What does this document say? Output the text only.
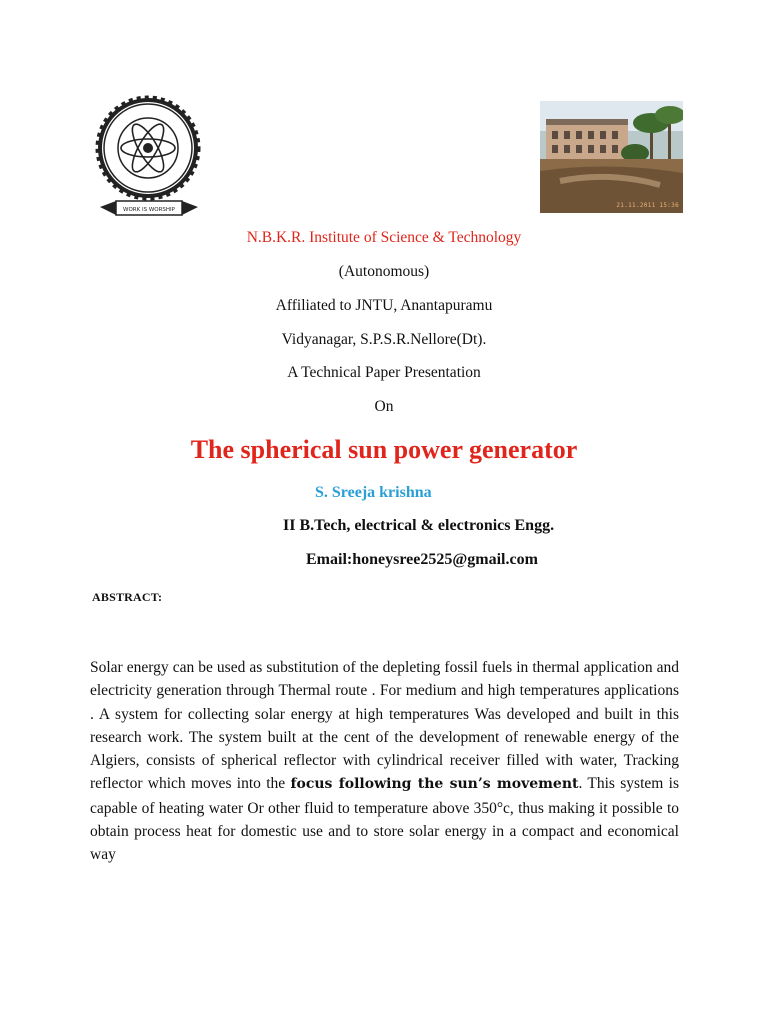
WORK IS WORSHIP
21.11.2011 15:36
N.B.K.R. Institute of Science & Technology
(Autonomous)
Affiliated to JNTU, Anantapuramu
Vidyanagar, S.P.S.R.Nellore(Dt).
A Technical Paper Presentation
On
The spherical sun power generator
S. Sreeja krishna
II B.Tech, electrical & electronics Engg.
Email:honeysree2525@gmail.com
ABSTRACT:
Solar energy can be used as substitution of the depleting fossil fuels in thermal application and electricity generation through Thermal route . For medium and high temperatures applications . A system for collecting solar energy at high temperatures Was developed and built in this research work. The system built at the cent of the development of renewable energy of the Algiers, consists of spherical reflector with cylindrical receiver filled with water, Tracking reflector which moves into the focus following the sun’s movement. This system is capable of heating water Or other fluid to temperature above 350°c, thus making it possible to obtain process heat for domestic use and to store solar energy in a compact and economical way
